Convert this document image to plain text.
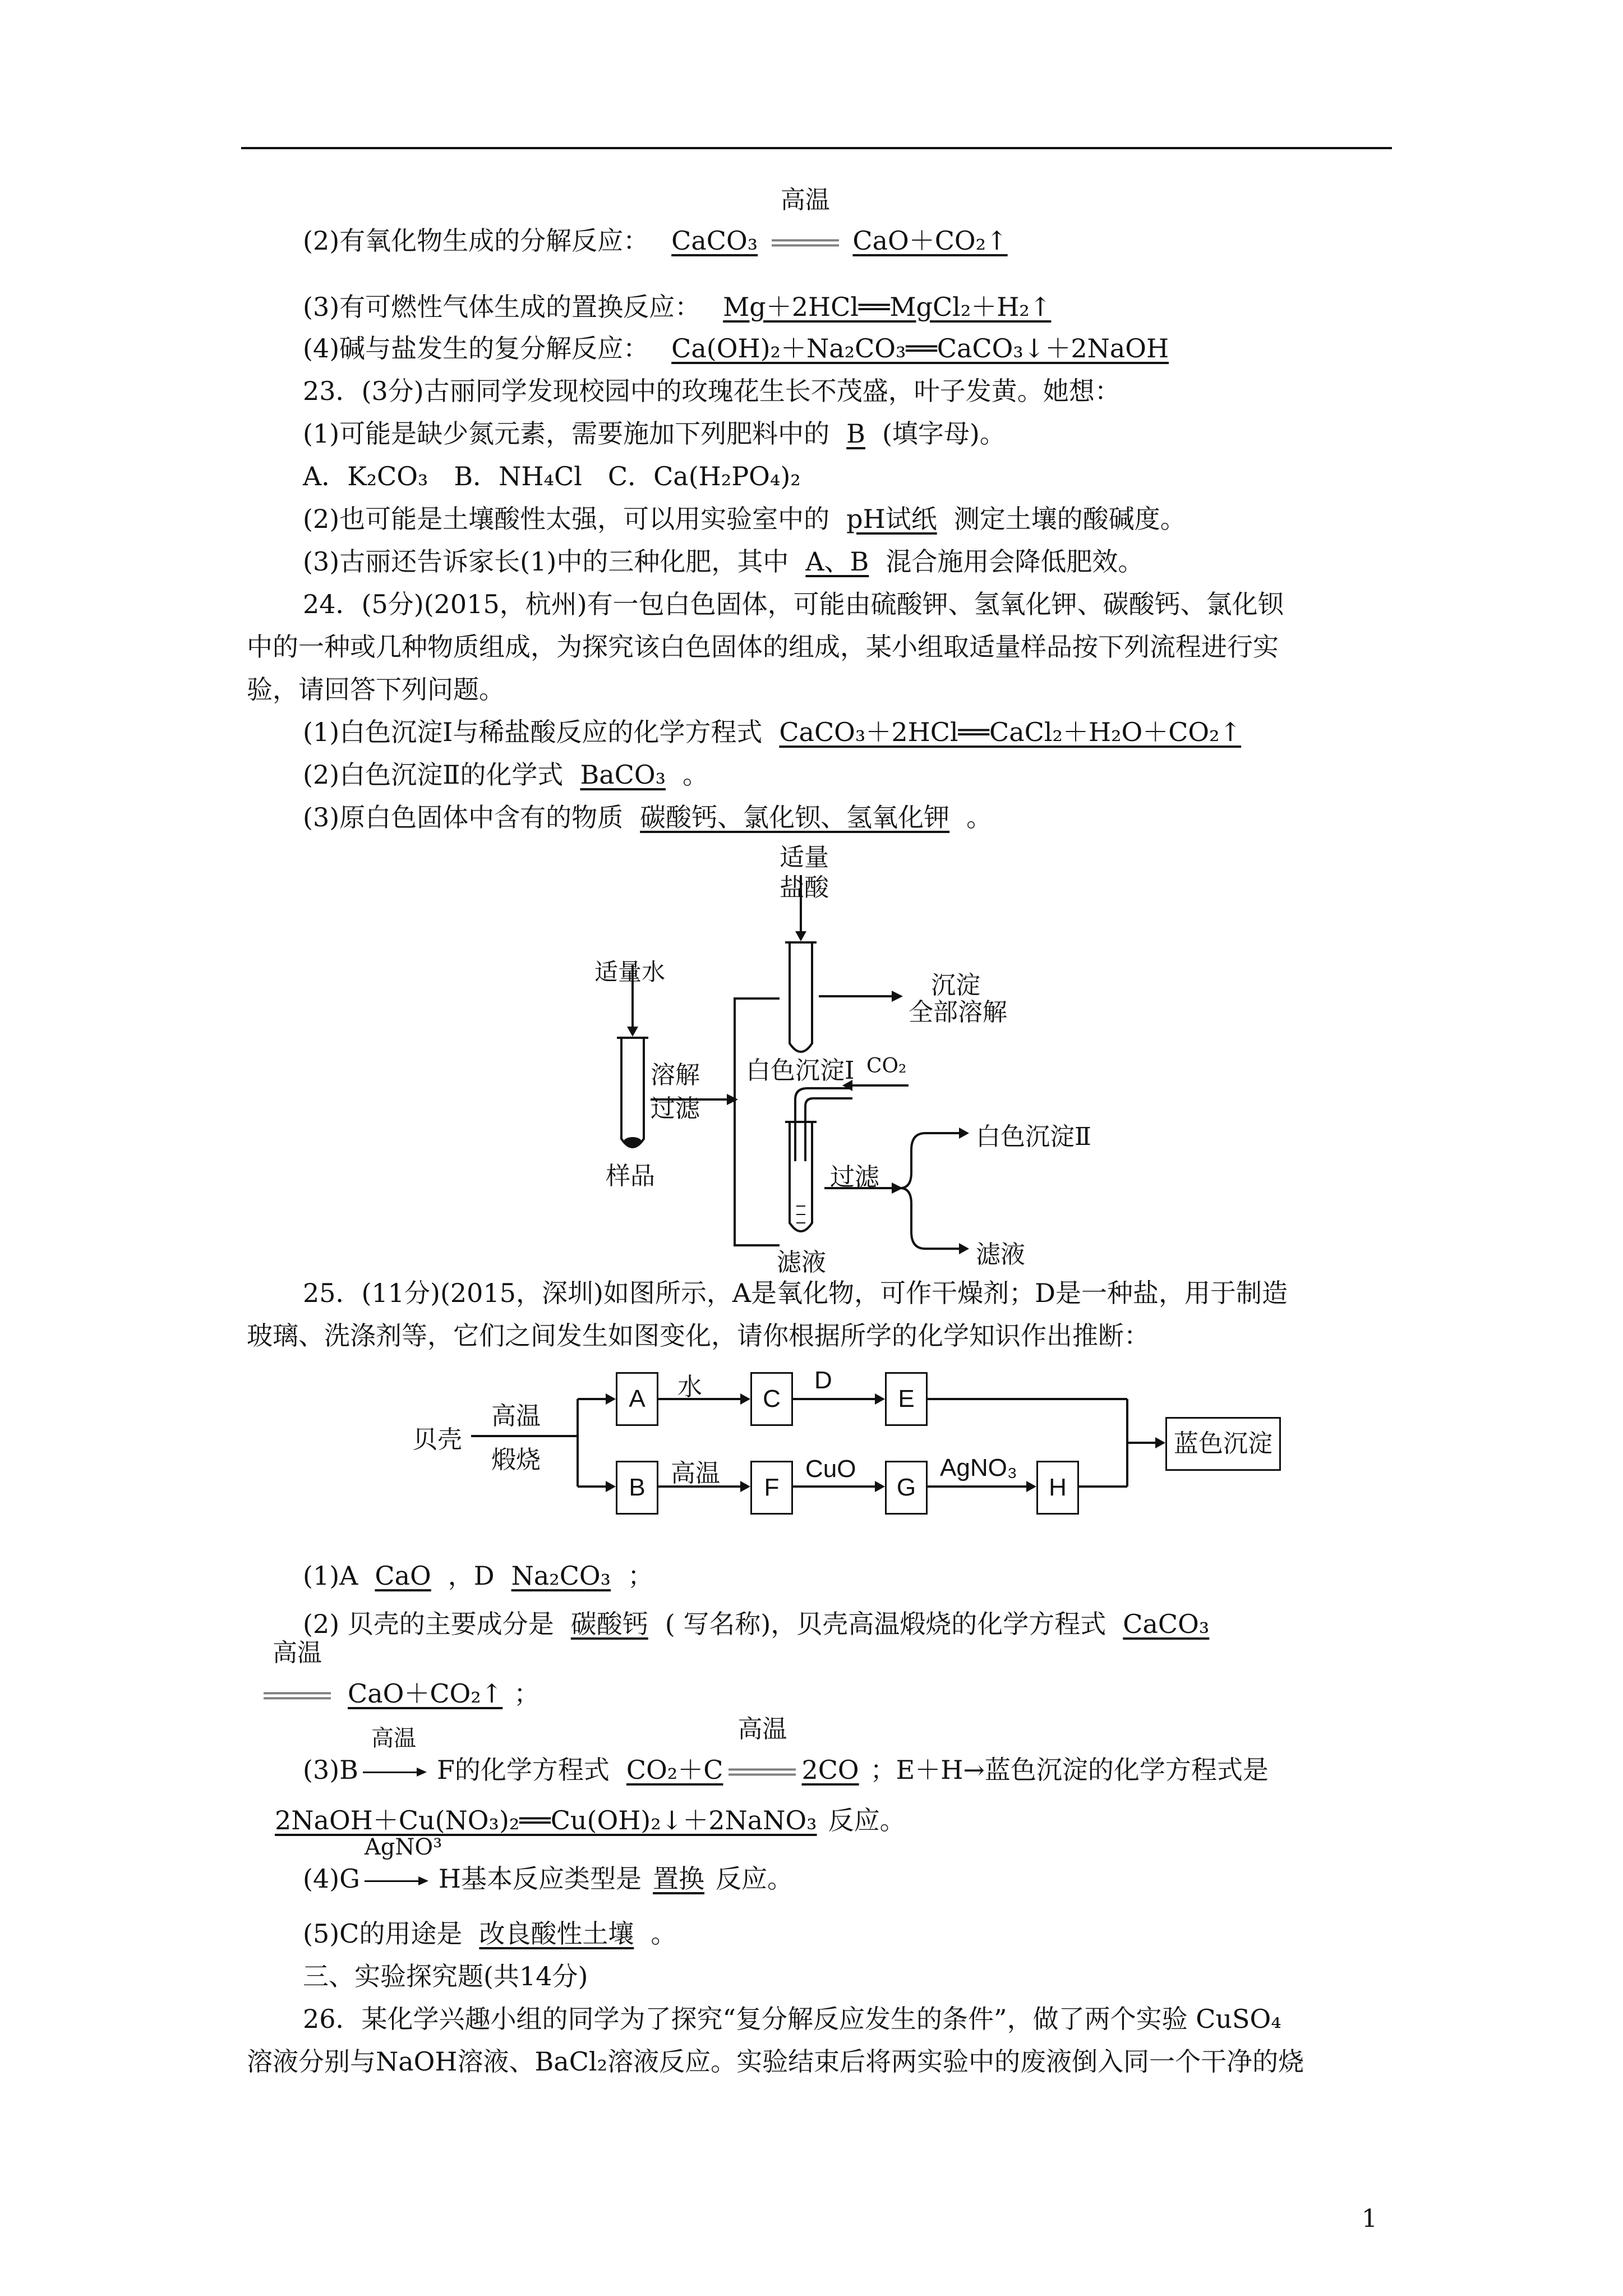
(2)有氧化物生成的分解反应： CaCO₃
高温
CaO＋CO₂↑
(3)有可燃性气体生成的置换反应： Mg＋2HCl══MgCl₂＋H₂↑
(4)碱与盐发生的复分解反应： Ca(OH)₂＋Na₂CO₃══CaCO₃↓＋2NaOH
23．(3分)古丽同学发现校园中的玫瑰花生长不茂盛，叶子发黄。她想：
(1)可能是缺少氮元素，需要施加下列肥料中的 B (填字母)。
A．K₂CO₃　B．NH₄Cl　C．Ca(H₂PO₄)₂
(2)也可能是土壤酸性太强，可以用实验室中的 pH试纸 测定土壤的酸碱度。
(3)古丽还告诉家长(1)中的三种化肥，其中 A、B 混合施用会降低肥效。
24．(5分)(2015，杭州)有一包白色固体，可能由硫酸钾、氢氧化钾、碳酸钙、氯化钡
中的一种或几种物质组成，为探究该白色固体的组成，某小组取适量样品按下列流程进行实
验，请回答下列问题。
(1)白色沉淀Ⅰ与稀盐酸反应的化学方程式 CaCO₃＋2HCl══CaCl₂＋H₂O＋CO₂↑
(2)白色沉淀Ⅱ的化学式 BaCO₃ 。
(3)原白色固体中含有的物质 碳酸钙、氯化钡、氢氧化钾 。
适量
盐酸
适量水
溶解
过滤
样品
白色沉淀Ⅰ CO₂
沉淀
全部溶解
过滤
白色沉淀Ⅱ
滤液	滤液
25．(11分)(2015，深圳)如图所示，A是氧化物，可作干燥剂；D是一种盐，用于制造
玻璃、洗涤剂等，它们之间发生如图变化，请你根据所学的化学知识作出推断：
贝壳
高温
煅烧
A	C	E
B	F	G	H
蓝色沉淀
水	D
高温	CuO	AgNO₃
(1)A CaO ，D Na₂CO₃ ；
(2) 贝壳的主要成分是 碳酸钙 ( 写名称)，贝壳高温煅烧的化学方程式 CaCO₃
高温
CaO＋CO₂↑ ；
(3)B
高温
F的化学方程式 CO₂＋C
高温
2CO ；E＋H→蓝色沉淀的化学方程式是
2NaOH＋Cu(NO₃)₂══Cu(OH)₂↓＋2NaNO₃ 反应。
(4)G
AgNO³
H基本反应类型是 置换 反应。
(5)C的用途是 改良酸性土壤 。
三、实验探究题(共14分)
26．某化学兴趣小组的同学为了探究“复分解反应发生的条件”，做了两个实验 CuSO₄
溶液分别与NaOH溶液、BaCl₂溶液反应。实验结束后将两实验中的废液倒入同一个干净的烧
1
